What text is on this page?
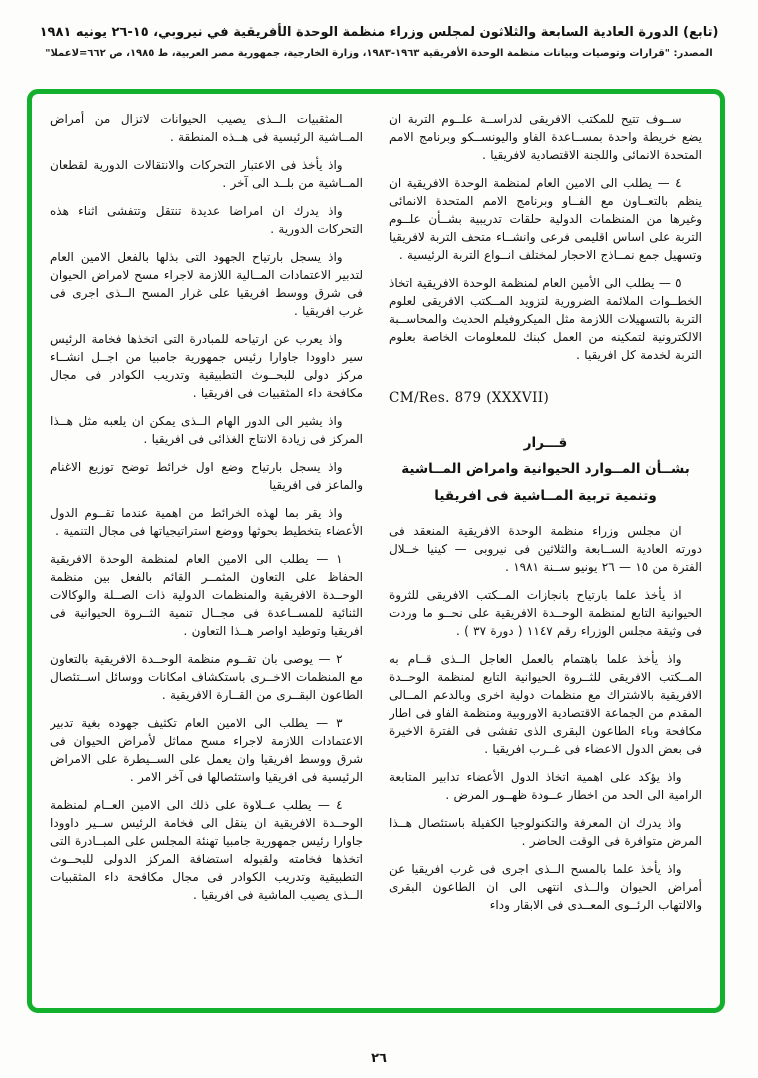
(تابع) الدورة العادية السابعة والثلاثون لمجلس وزراء منظمة الوحدة الأفريقية في نيروبي، ١٥-٢٦ يونيه ١٩٨١
المصدر: "قرارات وتوصيات وبيانات منظمة الوحدة الأفريقية ١٩٦٣-١٩٨٣، وزارة الخارجية، جمهورية مصر العربية، ط ١٩٨٥، ص ٦٦٢=لاعملا"

ســوف تتيح للمكتب الافريقى لدراســة علــوم التربة ان يضع خريطة واحدة بمســاعدة الفاو واليونســكو وبرنامج الامم المتحدة الانمائى واللجنة الاقتصادية لافريقيا .

٤ — يطلب الى الامين العام لمنظمة الوحدة الافريقية ان ينظم بالتعــاون مع الفــاو وبرنامج الامم المتحدة الانمائى وغيرها من المنظمات الدولية حلقات تدريبية بشــأن علــوم التربة على اساس اقليمى فرعى وانشــاء متحف التربة لافريقيا وتسهيل جمع نمــاذج الاحجار لمختلف انــواع التربة الرئيسية .

٥ — يطلب الى الأمين العام لمنظمة الوحدة الافريقية اتخاذ الخطــوات الملائمة الضرورية لتزويد المــكتب الافريقى لعلوم التربة بالتسهيلات اللازمة مثل الميكروفيلم الحديث والمحاســبة الالكترونية لتمكينه من العمل كبنك للمعلومات الخاصة بعلوم التربة لخدمة كل افريقيا .

CM/Res. 879 (XXXVII)
قـــرار
بشــأن المــوارد الحيوانية وامراض المــاشية
وتنمية تربية المــاشية فى افريقيا

ان مجلس وزراء منظمة الوحدة الافريقية المنعقد فى دورته العادية الســابعة والثلاثين فى نيروبى — كينيا خــلال الفترة من ١٥ — ٢٦ يونيو ســنة ١٩٨١ .

اذ يأخذ علما بارتياح بانجازات المــكتب الافريقى للثروة الحيوانية التابع لمنظمة الوحــدة الافريقية على نحــو ما وردت فى وثيقة مجلس الوزراء رقم ١١٤٧ ( دورة ٣٧ ) .

واذ يأخذ علما باهتمام بالعمل العاجل الــذى قــام به المــكتب الافريقى للثــروة الحيوانية التابع لمنظمة الوحــدة الافريقية بالاشتراك مع منظمات دولية اخرى وبالدعم المــالى المقدم من الجماعة الاقتصادية الاوروبية ومنظمة الفاو فى اطار مكافحة وباء الطاعون البقرى الذى تفشى فى الفترة الاخيرة فى بعض الدول الاعضاء فى غــرب افريقيا .

واذ يؤكد على اهمية اتخاذ الدول الأعضاء تدابير المتابعة الرامية الى الحد من اخطار عــودة ظهــور المرض .

واذ يدرك ان المعرفة والتكنولوجيا الكفيلة باستئصال هــذا المرض متوافرة فى الوقت الحاضر .

واذ يأخذ علما بالمسح الــذى اجرى فى غرب افريقيا عن أمراض الحيوان والــذى انتهى الى ان الطاعون البقرى والالتهاب الرئــوى المعــدى فى الابقار وداء

المثقبيات الــذى يصيب الحيوانات لاتزال من أمراض المــاشية الرئيسية فى هــذه المنطقة .

واذ يأخذ فى الاعتبار التحركات والانتقالات الدورية لقطعان المــاشية من بلــد الى آخر .

واذ يدرك ان امراضا عديدة تنتقل وتتفشى اثناء هذه التحركات الدورية .

واذ يسجل بارتياح الجهود التى بذلها بالفعل الامين العام لتدبير الاعتمادات المــالية اللازمة لاجراء مسح لامراض الحيوان فى شرق ووسط افريقيا على غرار المسح الــذى اجرى فى غرب افريقيا .

واذ يعرب عن ارتياحه للمبادرة التى اتخذها فخامة الرئيس سير داوودا جاوارا رئيس جمهورية جامبيا من اجــل انشــاء مركز دولى للبحــوث التطبيقية وتدريب الكوادر فى مجال مكافحة داء المثقبيات فى افريقيا .

واذ يشير الى الدور الهام الــذى يمكن ان يلعبه مثل هــذا المركز فى زيادة الانتاج الغذائى فى افريقيا .

واذ يسجل بارتياح وضع اول خرائط توضح توزيع الاغنام والماعز فى افريقيا

واذ يقر بما لهذه الخرائط من اهمية عندما تقــوم الدول الأعضاء بتخطيط بحوثها ووضع استراتيجياتها فى مجال التنمية .

١ — يطلب الى الامين العام لمنظمة الوحدة الافريقية الحفاظ على التعاون المثمــر القائم بالفعل بين منظمة الوحــدة الافريقية والمنظمات الدولية ذات الصــلة والوكالات الثنائية للمســاعدة فى مجــال تنمية الثــروة الحيوانية فى افريقيا وتوطيد اواصر هــذا التعاون .

٢ — يوصى بان تقــوم منظمة الوحــدة الافريقية بالتعاون مع المنظمات الاخــرى باستكشاف امكانات ووسائل اســتئصال الطاعون البقــرى من القــارة الافريقية .

٣ — يطلب الى الامين العام تكثيف جهوده بغية تدبير الاعتمادات اللازمة لاجراء مسح مماثل لأمراض الحيوان فى شرق ووسط افريقيا وان يعمل على الســيطرة على الامراض الرئيسية فى افريقيا واستئصالها فى آخر الامر .

٤ — يطلب عــلاوة على ذلك الى الامين العــام لمنظمة الوحــدة الافريقية ان ينقل الى فخامة الرئيس ســير داوودا جاوارا رئيس جمهورية جامبيا تهنئة المجلس على المبــادرة التى اتخذها فخامته ولقبوله استضافة المركز الدولى للبحــوث التطبيقية وتدريب الكوادر فى مجال مكافحة داء المثقبيات الــذى يصيب الماشية فى افريقيا .

٢٦
